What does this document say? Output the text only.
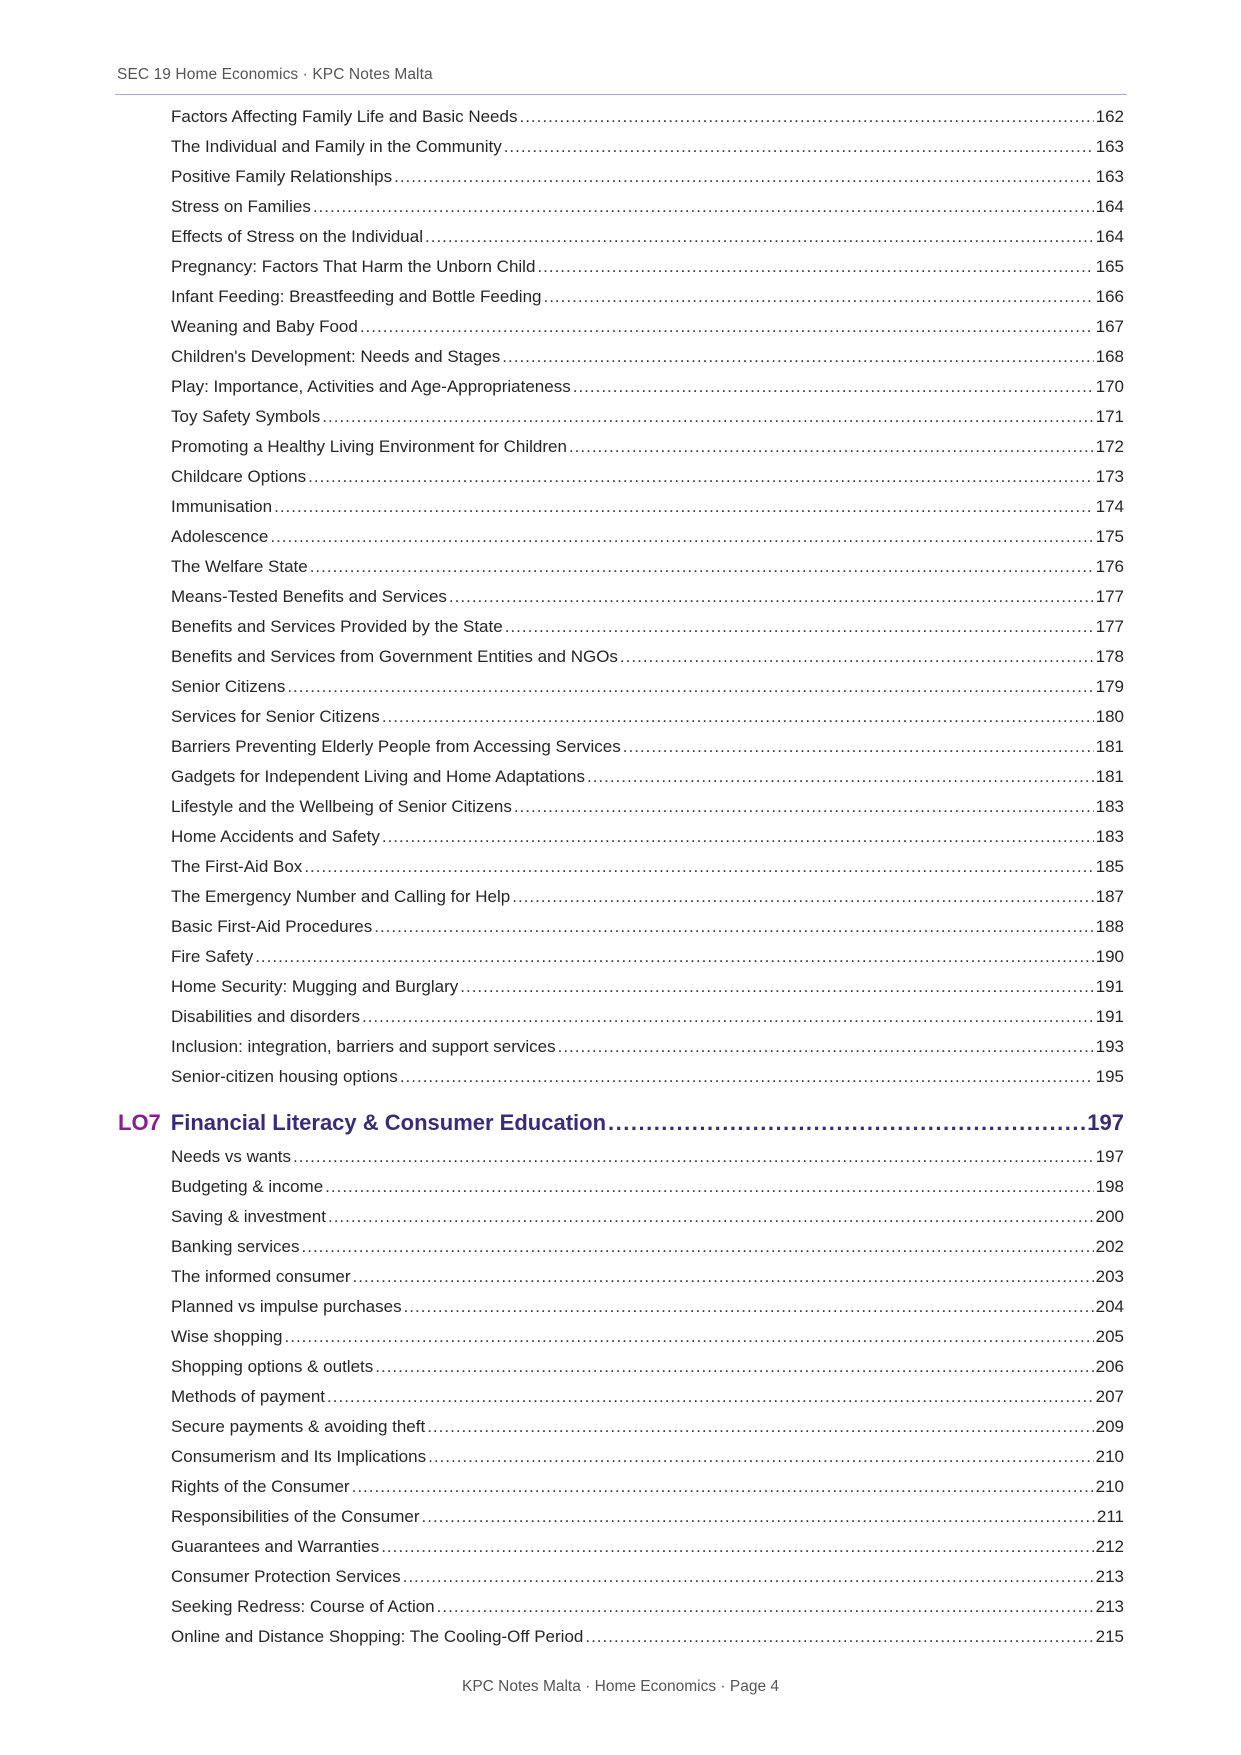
SEC 19 Home Economics · KPC Notes Malta
Factors Affecting Family Life and Basic Needs .....	162
The Individual and Family in the Community .....	163
Positive Family Relationships .....	163
Stress on Families .....	164
Effects of Stress on the Individual .....	164
Pregnancy: Factors That Harm the Unborn Child .....	165
Infant Feeding: Breastfeeding and Bottle Feeding .....	166
Weaning and Baby Food .....	167
Children's Development: Needs and Stages .....	168
Play: Importance, Activities and Age-Appropriateness .....	170
Toy Safety Symbols .....	171
Promoting a Healthy Living Environment for Children .....	172
Childcare Options .....	173
Immunisation .....	174
Adolescence .....	175
The Welfare State .....	176
Means-Tested Benefits and Services .....	177
Benefits and Services Provided by the State .....	177
Benefits and Services from Government Entities and NGOs .....	178
Senior Citizens .....	179
Services for Senior Citizens .....	180
Barriers Preventing Elderly People from Accessing Services .....	181
Gadgets for Independent Living and Home Adaptations .....	181
Lifestyle and the Wellbeing of Senior Citizens .....	183
Home Accidents and Safety .....	183
The First-Aid Box .....	185
The Emergency Number and Calling for Help .....	187
Basic First-Aid Procedures .....	188
Fire Safety .....	190
Home Security: Mugging and Burglary .....	191
Disabilities and disorders .....	191
Inclusion: integration, barriers and support services .....	193
Senior-citizen housing options .....	195
LO7 Financial Literacy & Consumer Education .....	197
Needs vs wants .....	197
Budgeting & income .....	198
Saving & investment .....	200
Banking services .....	202
The informed consumer .....	203
Planned vs impulse purchases .....	204
Wise shopping .....	205
Shopping options & outlets .....	206
Methods of payment .....	207
Secure payments & avoiding theft .....	209
Consumerism and Its Implications .....	210
Rights of the Consumer .....	210
Responsibilities of the Consumer .....	211
Guarantees and Warranties .....	212
Consumer Protection Services .....	213
Seeking Redress: Course of Action .....	213
Online and Distance Shopping: The Cooling-Off Period .....	215
KPC Notes Malta · Home Economics · Page 4
